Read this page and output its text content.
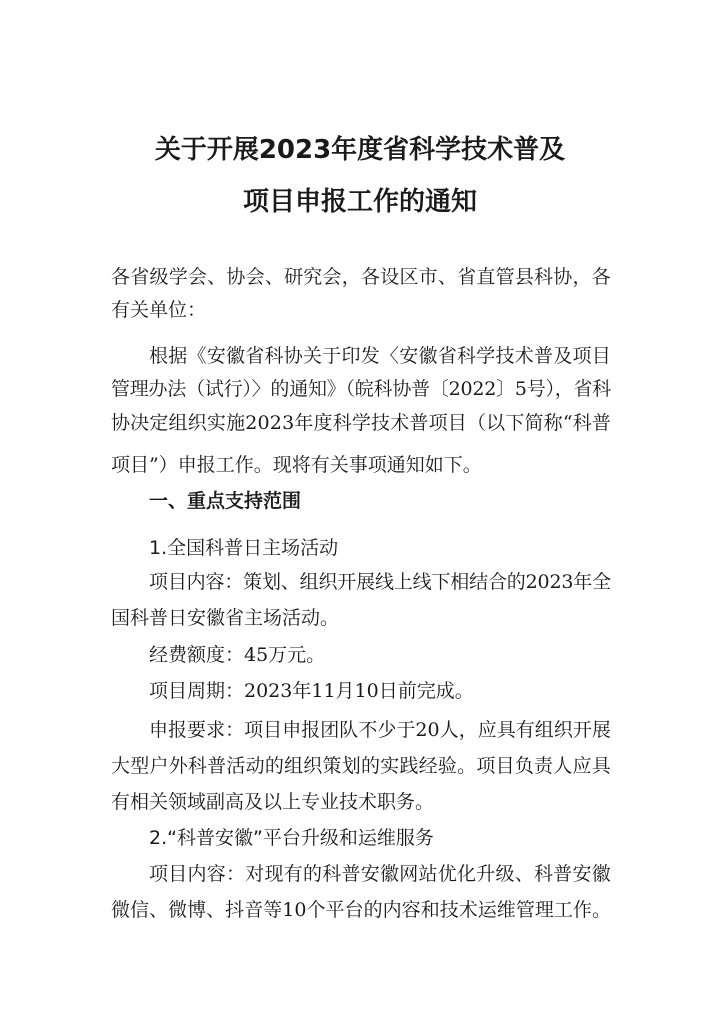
关于开展2023年度省科学技术普及
项目申报工作的通知
各省级学会、协会、研究会，各设区市、省直管县科协，各
有关单位：
根据《安徽省科协关于印发〈安徽省科学技术普及项目
管理办法（试行）〉的通知》（皖科协普〔2022〕5号），省科
协决定组织实施2023年度科学技术普项目（以下简称“科普
项目”）申报工作。现将有关事项通知如下。
一、重点支持范围
1.全国科普日主场活动
项目内容：策划、组织开展线上线下相结合的2023年全
国科普日安徽省主场活动。
经费额度：45万元。
项目周期：2023年11月10日前完成。
申报要求：项目申报团队不少于20人，应具有组织开展
大型户外科普活动的组织策划的实践经验。项目负责人应具
有相关领域副高及以上专业技术职务。
2.“科普安徽”平台升级和运维服务
项目内容：对现有的科普安徽网站优化升级、科普安徽
微信、微博、抖音等10个平台的内容和技术运维管理工作。
